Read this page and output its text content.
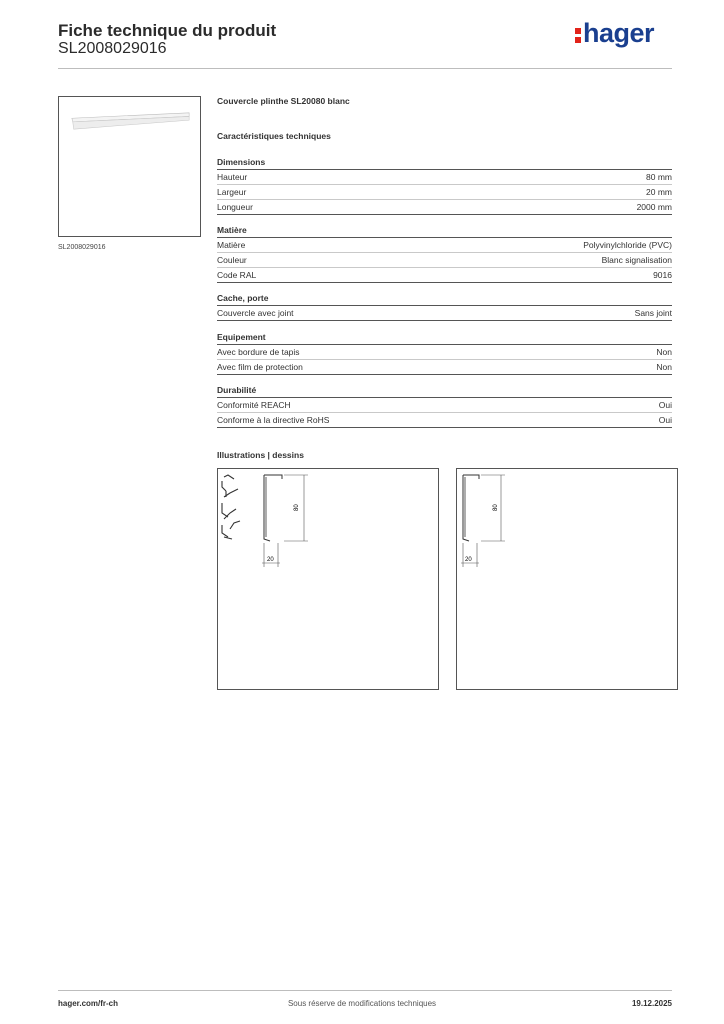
Fiche technique du produit
SL2008029016
hager
SL2008029016
Couvercle plinthe SL20080 blanc
Caractéristiques techniques
Dimensions
Hauteur	80 mm
Largeur	20 mm
Longueur	2000 mm
Matière
Matière	Polyvinylchloride (PVC)
Couleur	Blanc signalisation
Code RAL	9016
Cache, porte
Couvercle avec joint	Sans joint
Equipement
Avec bordure de tapis	Non
Avec film de protection	Non
Durabilité
Conformité REACH	Oui
Conforme à la directive RoHS	Oui
Illustrations | dessins
80
20
80
20
hager.com/fr-ch	Sous réserve de modifications techniques	19.12.2025
